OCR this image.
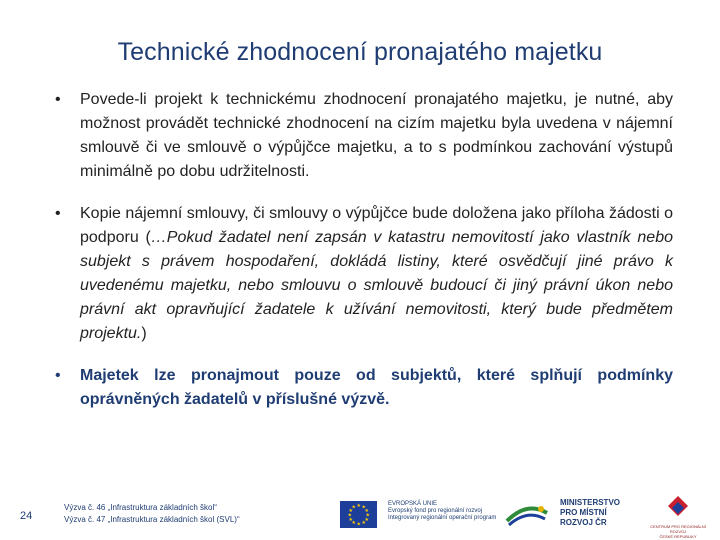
Technické zhodnocení pronajatého majetku
• Povede-li projekt k technickému zhodnocení pronajatého majetku, je nutné, aby možnost provádět technické zhodnocení na cizím majetku byla uvedena v nájemní smlouvě či ve smlouvě o výpůjčce majetku, a to s podmínkou zachování výstupů minimálně po dobu udržitelnosti.

• Kopie nájemní smlouvy, či smlouvy o výpůjčce bude doložena jako příloha žádosti o podporu (…Pokud žadatel není zapsán v katastru nemovitostí jako vlastník nebo subjekt s právem hospodaření, dokládá listiny, které osvědčují jiné právo k uvedenému majetku, nebo smlouvu o smlouvě budoucí či jiný právní úkon nebo právní akt opravňující žadatele k užívání nemovitosti, který bude předmětem projektu.)

• Majetek lze pronajmout pouze od subjektů, které splňují podmínky oprávněných žadatelů v příslušné výzvě.

24
Výzva č. 46 „Infrastruktura základních škol“
Výzva č. 47 „Infrastruktura základních škol (SVL)“
★ ★
★
★
★
★
★
★
★
★
★
★
EVROPSKÁ UNIE
Evropský fond pro regionální rozvoj
Integrovaný regionální operační program
MINISTERSTVO
PRO MÍSTNÍ
ROZVOJ ČR	CENTRUM PRO REGIONÁLNÍ ROZVOJ
ČESKÉ REPUBLIKY
